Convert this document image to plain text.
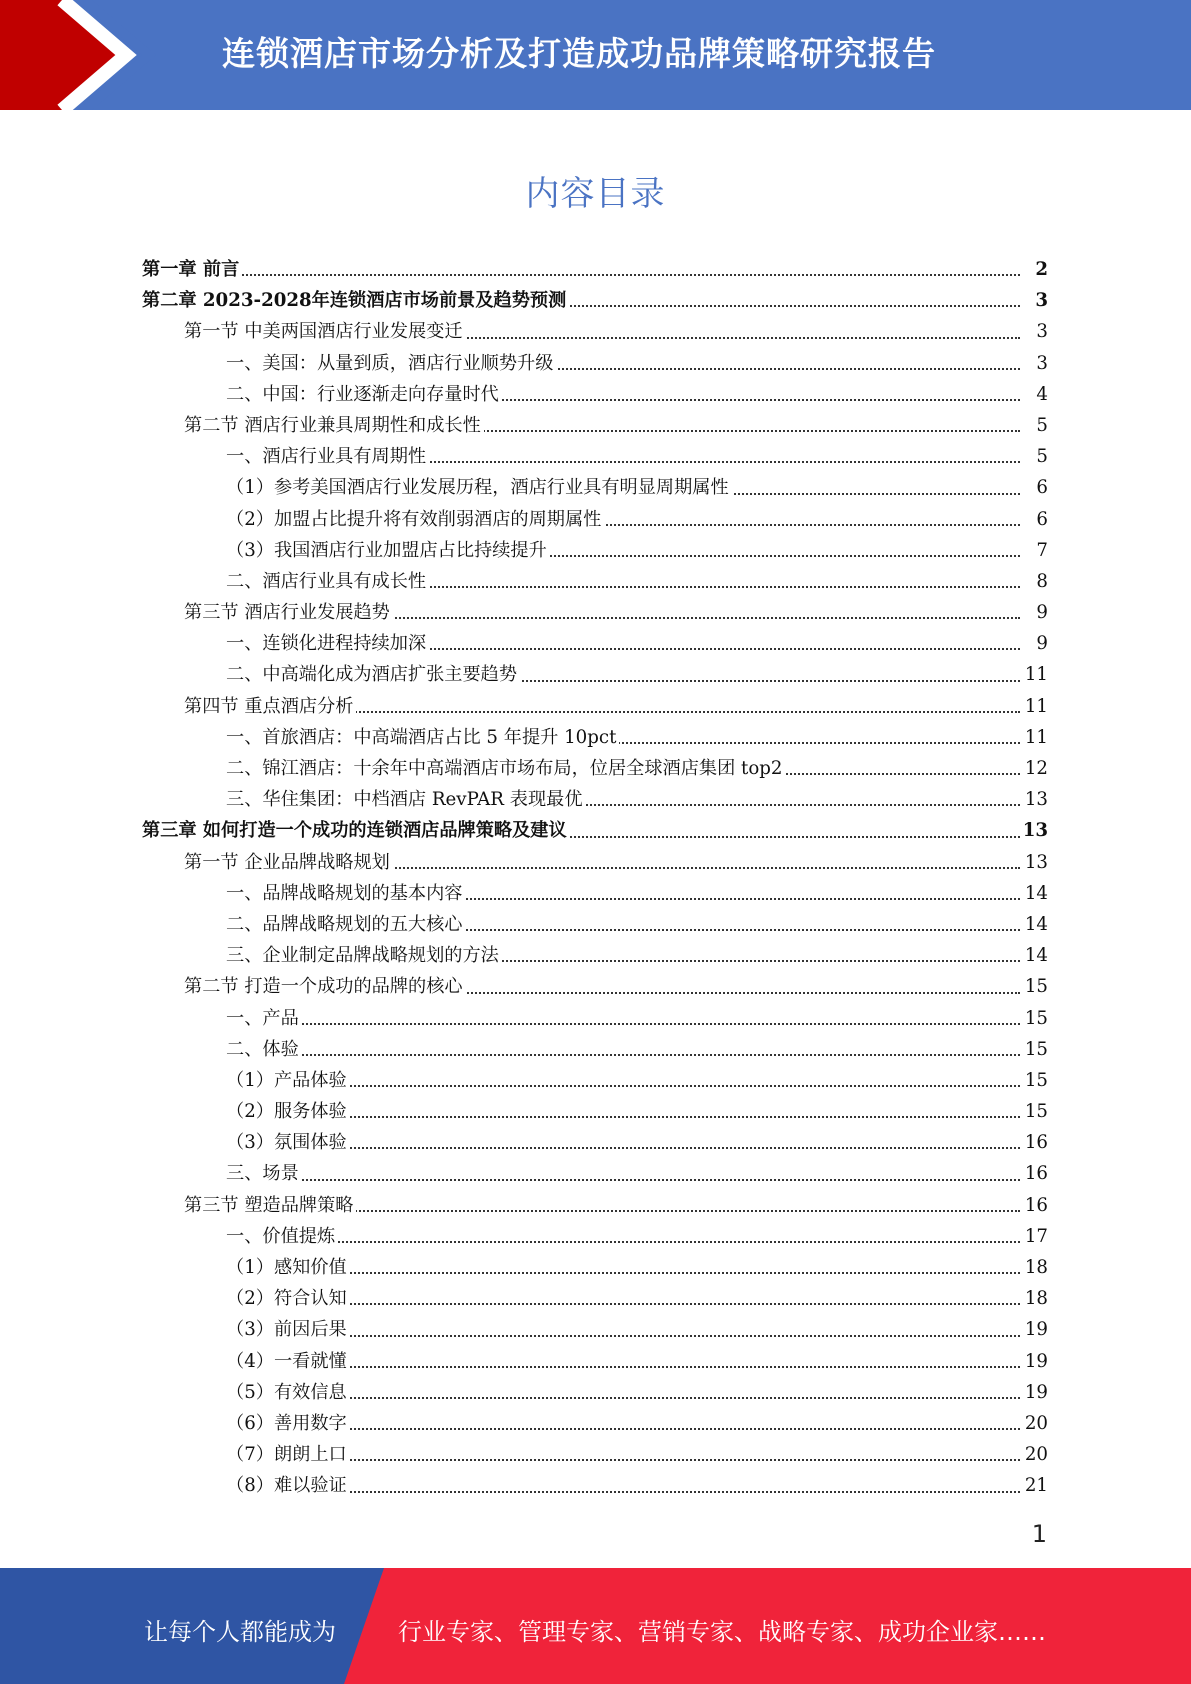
连锁酒店市场分析及打造成功品牌策略研究报告
内容目录
第一章 前言	2
第二章 2023-2028年连锁酒店市场前景及趋势预测	3
第一节 中美两国酒店行业发展变迁	3
一、美国：从量到质，酒店行业顺势升级	3
二、中国：行业逐渐走向存量时代	4
第二节 酒店行业兼具周期性和成长性	5
一、酒店行业具有周期性	5
（1）参考美国酒店行业发展历程，酒店行业具有明显周期属性	6
（2）加盟占比提升将有效削弱酒店的周期属性	6
（3）我国酒店行业加盟店占比持续提升	7
二、酒店行业具有成长性	8
第三节 酒店行业发展趋势	9
一、连锁化进程持续加深	9
二、中高端化成为酒店扩张主要趋势	11
第四节 重点酒店分析	11
一、首旅酒店：中高端酒店占比 5 年提升 10pct	11
二、锦江酒店：十余年中高端酒店市场布局，位居全球酒店集团 top2	12
三、华住集团：中档酒店 RevPAR 表现最优	13
第三章 如何打造一个成功的连锁酒店品牌策略及建议	13
第一节 企业品牌战略规划	13
一、品牌战略规划的基本内容	14
二、品牌战略规划的五大核心	14
三、企业制定品牌战略规划的方法	14
第二节 打造一个成功的品牌的核心	15
一、产品	15
二、体验	15
（1）产品体验	15
（2）服务体验	15
（3）氛围体验	16
三、场景	16
第三节 塑造品牌策略	16
一、价值提炼	17
（1）感知价值	18
（2）符合认知	18
（3）前因后果	19
（4）一看就懂	19
（5）有效信息	19
（6）善用数字	20
（7）朗朗上口	20
（8）难以验证	21
1
让每个人都能成为	行业专家、管理专家、营销专家、战略专家、成功企业家……
